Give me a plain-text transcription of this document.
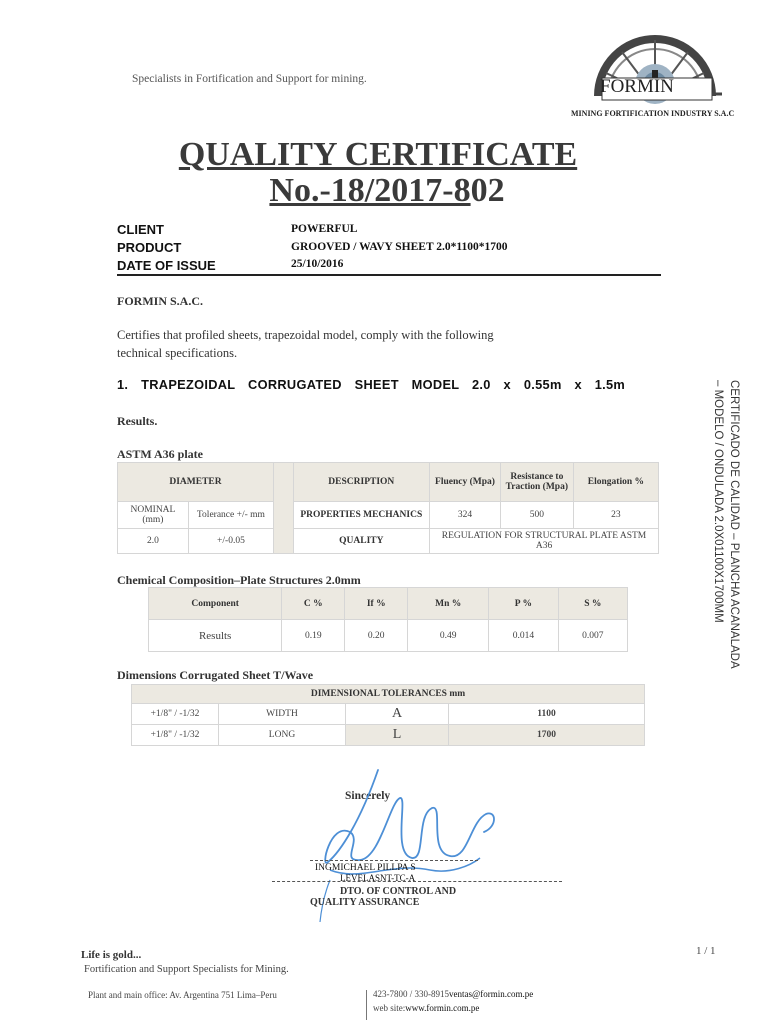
Specialists in Fortification and Support for mining.	FORMIN
MINING FORTIFICATION INDUSTRY S.A.C
QUALITY CERTIFICATE
No.-18/2017-802
CLIENT	POWERFUL
PRODUCT	GROOVED / WAVY SHEET 2.0*1100*1700
DATE OF ISSUE	25/10/2016
FORMIN S.A.C.
Certifies that profiled sheets, trapezoidal model, comply with the following
technical specifications.
1. TRAPEZOIDAL CORRUGATED SHEET MODEL 2.0 x 0.55m x 1.5m
Results.
ASTM A36 plate
DIAMETER			DESCRIPTION	Fluency (Mpa)	Resistance to Traction (Mpa)	Elongation %
NOMINAL (mm)	Tolerance +/- mm		PROPERTIES MECHANICS	324	500	23
2.0	+/-0.05		QUALITY	REGULATION FOR STRUCTURAL PLATE ASTM A36		
Chemical Composition–Plate Structures 2.0mm
Component	C %	If %	Mn %	P %	S %
Results	0.19	0.20	0.49	0.014	0.007
Dimensions Corrugated Sheet T/Wave
DIMENSIONAL TOLERANCES mm			
+1/8" / -1/32	WIDTH	A	1100
+1/8" / -1/32	LONG	L	1700
Sincerely
INGMICHAEL PILLPA S
LEVELASNT-TC-A
DTO. OF CONTROL AND
QUALITY ASSURANCE
CERTIFICADO DE CALIDAD – PLANCHA ACANALADA
– MODELO / ONDULADA 2.0X01100X1700MM
Life is gold...
Fortification and Support Specialists for Mining.
Plant and main office: Av. Argentina 751 Lima–Peru	423-7800 / 330-8915ventas@formin.com.pe
web site:www.formin.com.pe
1 / 1
